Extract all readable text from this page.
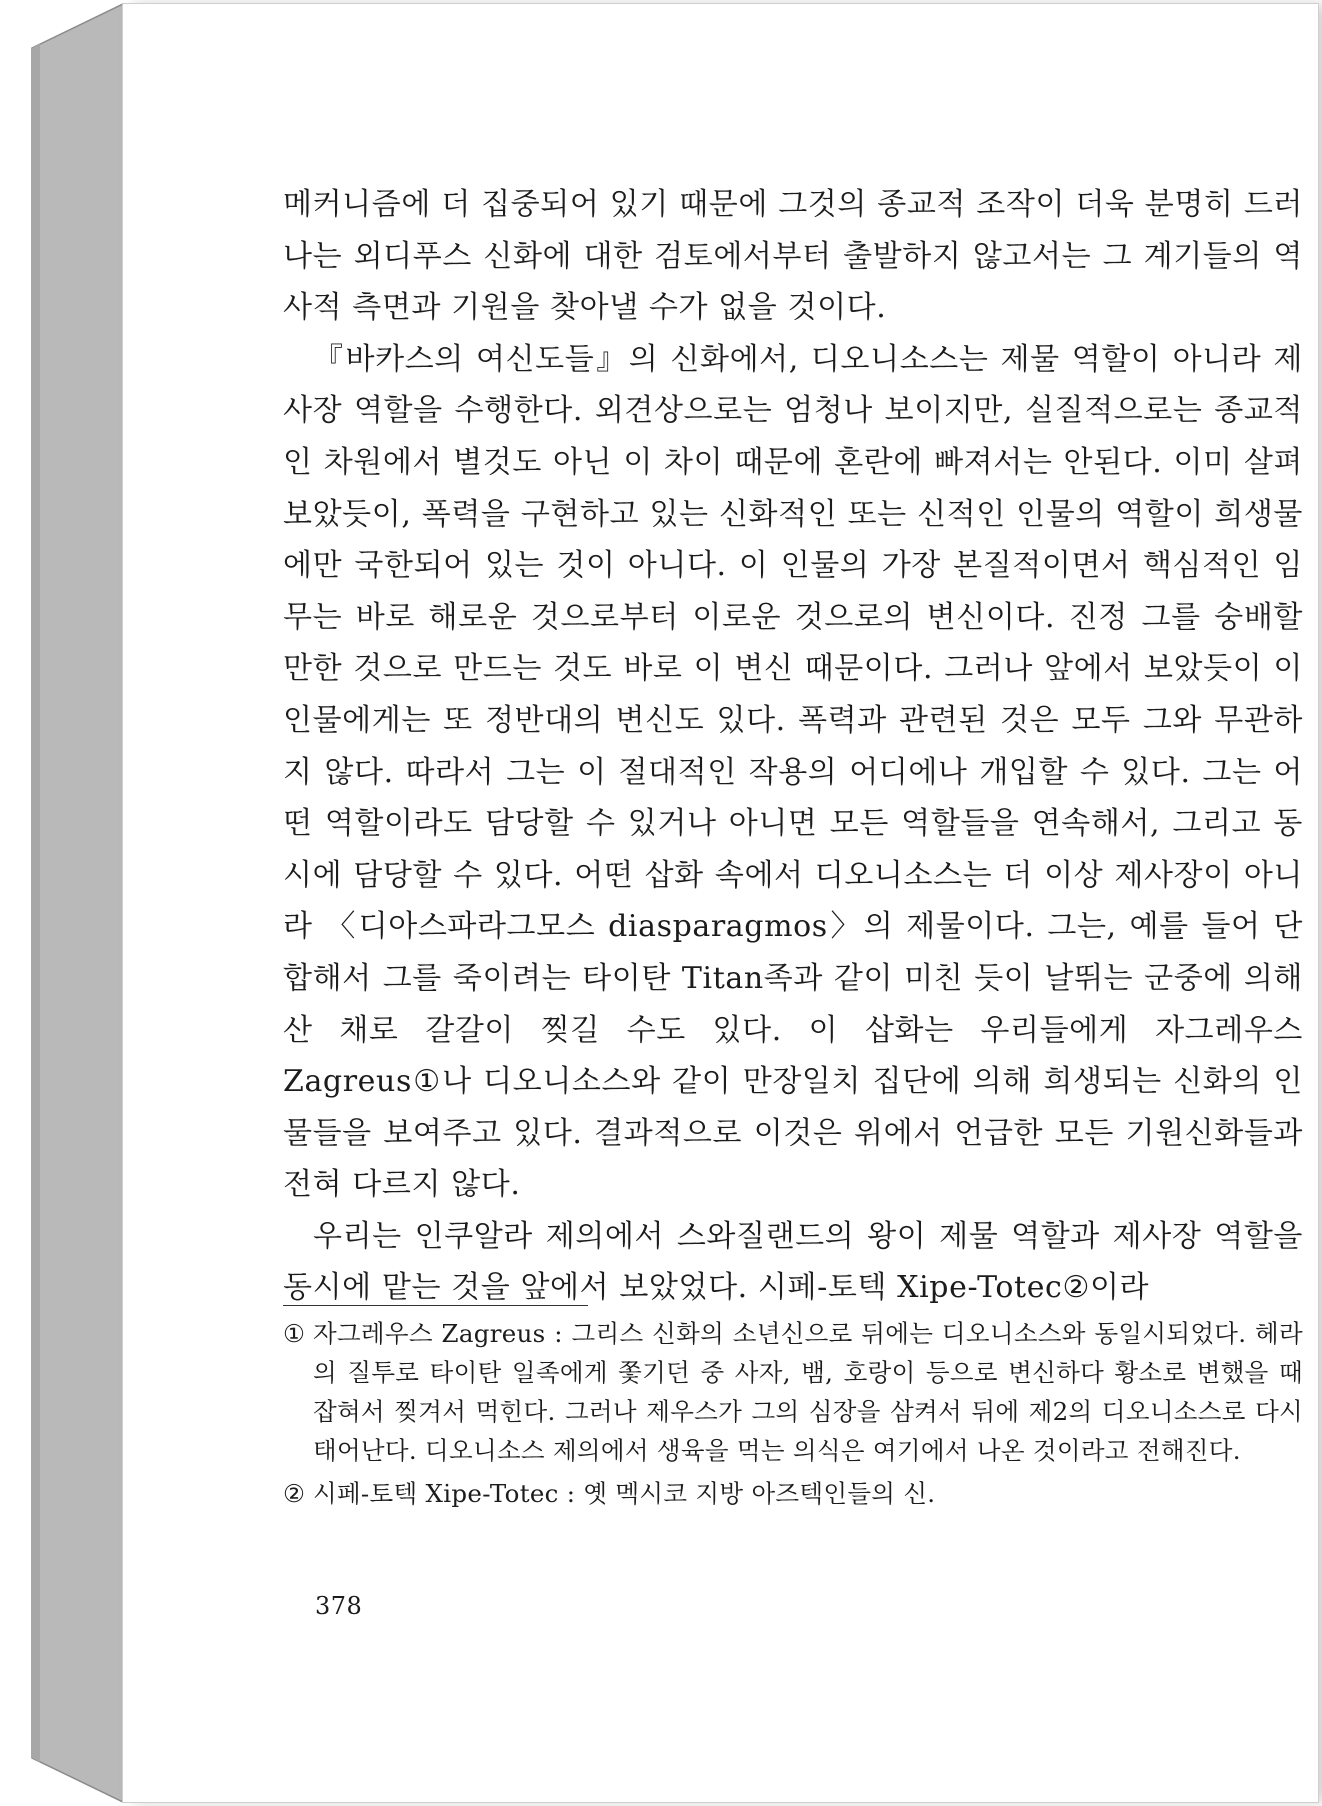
메커니즘에 더 집중되어 있기 때문에 그것의 종교적 조작이 더욱 분명히 드러나는 외디푸스 신화에 대한 검토에서부터 출발하지 않고서는 그 계기들의 역사적 측면과 기원을 찾아낼 수가 없을 것이다.

『바카스의 여신도들』의 신화에서, 디오니소스는 제물 역할이 아니라 제사장 역할을 수행한다. 외견상으로는 엄청나 보이지만, 실질적으로는 종교적인 차원에서 별것도 아닌 이 차이 때문에 혼란에 빠져서는 안된다. 이미 살펴보았듯이, 폭력을 구현하고 있는 신화적인 또는 신적인 인물의 역할이 희생물에만 국한되어 있는 것이 아니다. 이 인물의 가장 본질적이면서 핵심적인 임무는 바로 해로운 것으로부터 이로운 것으로의 변신이다. 진정 그를 숭배할 만한 것으로 만드는 것도 바로 이 변신 때문이다. 그러나 앞에서 보았듯이 이 인물에게는 또 정반대의 변신도 있다. 폭력과 관련된 것은 모두 그와 무관하지 않다. 따라서 그는 이 절대적인 작용의 어디에나 개입할 수 있다. 그는 어떤 역할이라도 담당할 수 있거나 아니면 모든 역할들을 연속해서, 그리고 동시에 담당할 수 있다. 어떤 삽화 속에서 디오니소스는 더 이상 제사장이 아니라 〈디아스파라그모스 diasparagmos〉의 제물이다. 그는, 예를 들어 단합해서 그를 죽이려는 타이탄 Titan족과 같이 미친 듯이 날뛰는 군중에 의해 산 채로 갈갈이 찢길 수도 있다. 이 삽화는 우리들에게 자그레우스 Zagreus①나 디오니소스와 같이 만장일치 집단에 의해 희생되는 신화의 인물들을 보여주고 있다. 결과적으로 이것은 위에서 언급한 모든 기원신화들과 전혀 다르지 않다.

우리는 인쿠알라 제의에서 스와질랜드의 왕이 제물 역할과 제사장 역할을 동시에 맡는 것을 앞에서 보았었다. 시페-토텍 Xipe-Totec②이라

① 자그레우스 Zagreus : 그리스 신화의 소년신으로 뒤에는 디오니소스와 동일시되었다. 헤라의 질투로 타이탄 일족에게 쫓기던 중 사자, 뱀, 호랑이 등으로 변신하다 황소로 변했을 때 잡혀서 찢겨서 먹힌다. 그러나 제우스가 그의 심장을 삼켜서 뒤에 제2의 디오니소스로 다시 태어난다. 디오니소스 제의에서 생육을 먹는 의식은 여기에서 나온 것이라고 전해진다.

② 시페-토텍 Xipe-Totec : 옛 멕시코 지방 아즈텍인들의 신.

378
